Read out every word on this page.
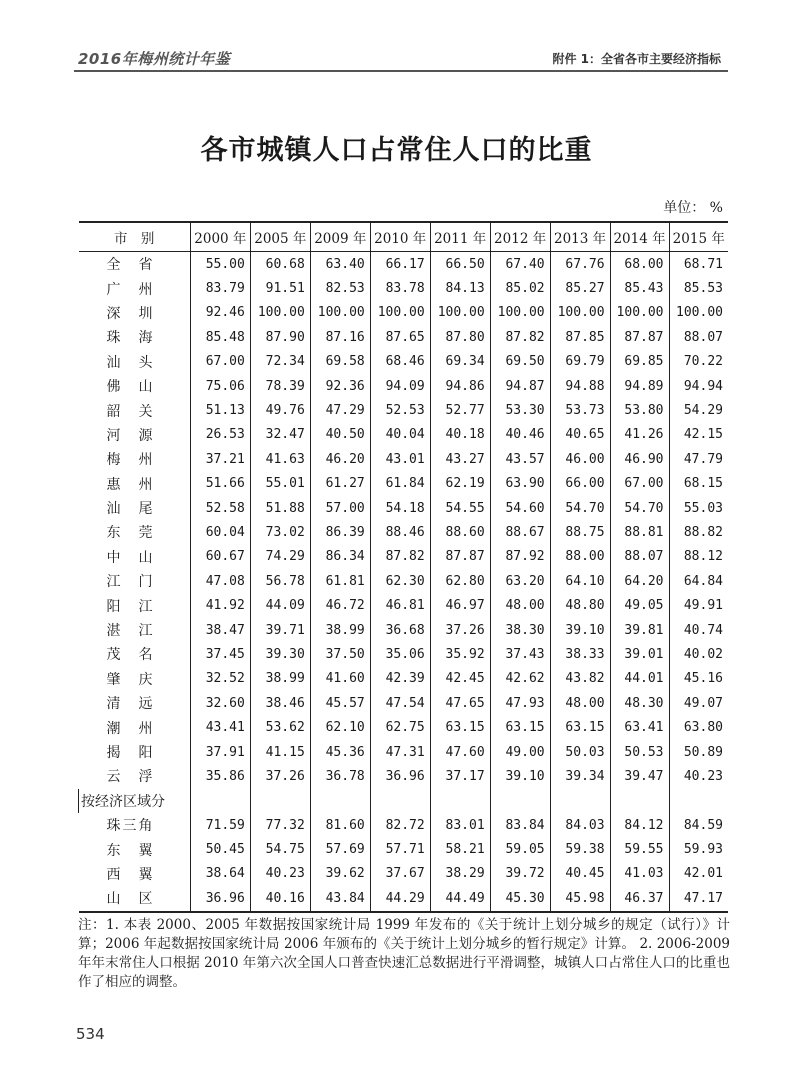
2016年梅州统计年鉴	附件 1：全省各市主要经济指标
各市城镇人口占常住人口的比重
单位： %
市　别	2000 年	2005 年	2009 年	2010 年	2011 年	2012 年	2013 年	2014 年	2015 年
全省	55.00	60.68	63.40	66.17	66.50	67.40	67.76	68.00	68.71
广州	83.79	91.51	82.53	83.78	84.13	85.02	85.27	85.43	85.53
深圳	92.46	100.00	100.00	100.00	100.00	100.00	100.00	100.00	100.00
珠海	85.48	87.90	87.16	87.65	87.80	87.82	87.85	87.87	88.07
汕头	67.00	72.34	69.58	68.46	69.34	69.50	69.79	69.85	70.22
佛山	75.06	78.39	92.36	94.09	94.86	94.87	94.88	94.89	94.94
韶关	51.13	49.76	47.29	52.53	52.77	53.30	53.73	53.80	54.29
河源	26.53	32.47	40.50	40.04	40.18	40.46	40.65	41.26	42.15
梅州	37.21	41.63	46.20	43.01	43.27	43.57	46.00	46.90	47.79
惠州	51.66	55.01	61.27	61.84	62.19	63.90	66.00	67.00	68.15
汕尾	52.58	51.88	57.00	54.18	54.55	54.60	54.70	54.70	55.03
东莞	60.04	73.02	86.39	88.46	88.60	88.67	88.75	88.81	88.82
中山	60.67	74.29	86.34	87.82	87.87	87.92	88.00	88.07	88.12
江门	47.08	56.78	61.81	62.30	62.80	63.20	64.10	64.20	64.84
阳江	41.92	44.09	46.72	46.81	46.97	48.00	48.80	49.05	49.91
湛江	38.47	39.71	38.99	36.68	37.26	38.30	39.10	39.81	40.74
茂名	37.45	39.30	37.50	35.06	35.92	37.43	38.33	39.01	40.02
肇庆	32.52	38.99	41.60	42.39	42.45	42.62	43.82	44.01	45.16
清远	32.60	38.46	45.57	47.54	47.65	47.93	48.00	48.30	49.07
潮州	43.41	53.62	62.10	62.75	63.15	63.15	63.15	63.41	63.80
揭阳	37.91	41.15	45.36	47.31	47.60	49.00	50.03	50.53	50.89
云浮	35.86	37.26	36.78	36.96	37.17	39.10	39.34	39.47	40.23
按经济区域分									
珠三角	71.59	77.32	81.60	82.72	83.01	83.84	84.03	84.12	84.59
东翼	50.45	54.75	57.69	57.71	58.21	59.05	59.38	59.55	59.93
西翼	38.64	40.23	39.62	37.67	38.29	39.72	40.45	41.03	42.01
山区	36.96	40.16	43.84	44.29	44.49	45.30	45.98	46.37	47.17
注：1. 本表 2000、2005 年数据按国家统计局 1999 年发布的《关于统计上划分城乡的规定（试行）》计算；2006 年起数据按国家统计局 2006 年颁布的《关于统计上划分城乡的暂行规定》计算。 2. 2006-2009 年年末常住人口根据 2010 年第六次全国人口普查快速汇总数据进行平滑调整，城镇人口占常住人口的比重也作了相应的调整。
534
